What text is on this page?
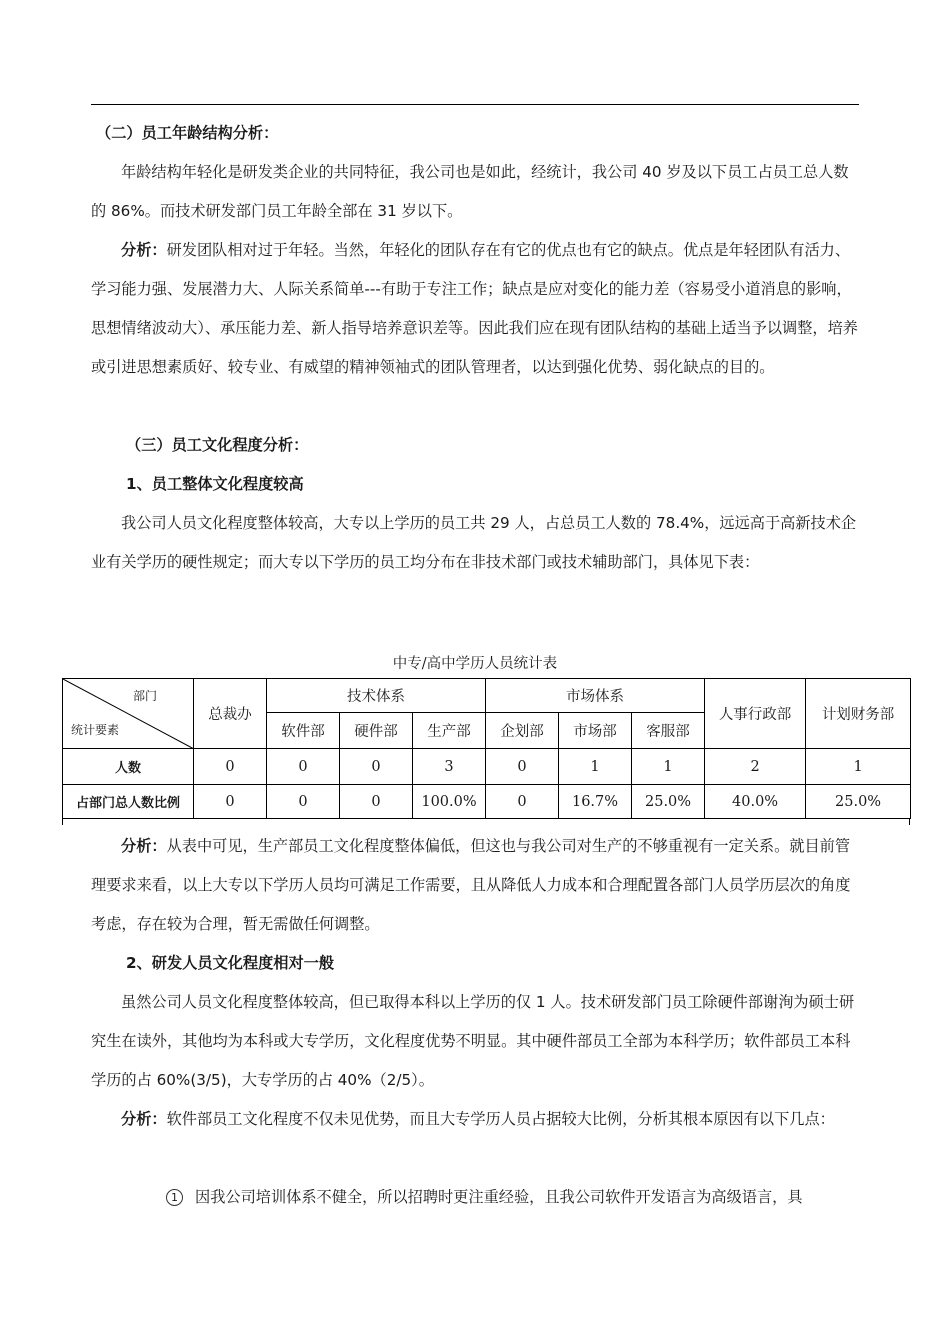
（二）员工年龄结构分析：

年龄结构年轻化是研发类企业的共同特征，我公司也是如此，经统计，我公司 40 岁及以下员工占员工总人数的 86%。而技术研发部门员工年龄全部在 31 岁以下。

分析：研发团队相对过于年轻。当然，年轻化的团队存在有它的优点也有它的缺点。优点是年轻团队有活力、学习能力强、发展潜力大、人际关系简单---有助于专注工作；缺点是应对变化的能力差（容易受小道消息的影响，思想情绪波动大）、承压能力差、新人指导培养意识差等。因此我们应在现有团队结构的基础上适当予以调整，培养或引进思想素质好、较专业、有威望的精神领袖式的团队管理者，以达到强化优势、弱化缺点的目的。

（三）员工文化程度分析：

1、员工整体文化程度较高

我公司人员文化程度整体较高，大专以上学历的员工共 29 人，占总员工人数的 78.4%，远远高于高新技术企业有关学历的硬性规定；而大专以下学历的员工均分布在非技术部门或技术辅助部门，具体见下表：

中专/高中学历人员统计表
部门
统计要素	总裁办	技术体系			市场体系			人事行政部	计划财务部
		软件部	硬件部	生产部	企划部	市场部	客服部		
人数	0	0	0	3	0	1	1	2	1
占部门总人数比例	0	0	0	100.0%	0	16.7%	25.0%	40.0%	25.0%

分析：从表中可见，生产部员工文化程度整体偏低，但这也与我公司对生产的不够重视有一定关系。就目前管理要求来看，以上大专以下学历人员均可满足工作需要，且从降低人力成本和合理配置各部门人员学历层次的角度考虑，存在较为合理，暂无需做任何调整。

2、研发人员文化程度相对一般

虽然公司人员文化程度整体较高，但已取得本科以上学历的仅 1 人。技术研发部门员工除硬件部谢洵为硕士研究生在读外，其他均为本科或大专学历，文化程度优势不明显。其中硬件部员工全部为本科学历；软件部员工本科学历的占 60%(3/5)，大专学历的占 40%（2/5）。

分析：软件部员工文化程度不仅未见优势，而且大专学历人员占据较大比例，分析其根本原因有以下几点：

1 因我公司培训体系不健全，所以招聘时更注重经验，且我公司软件开发语言为高级语言，具
